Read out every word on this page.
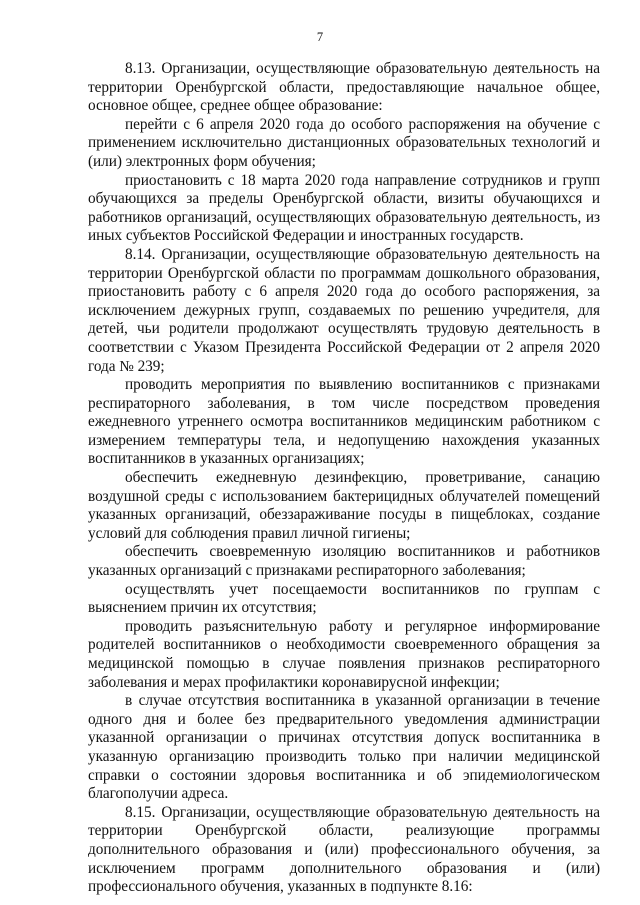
7

8.13. Организации, осуществляющие образовательную деятельность на территории Оренбургской области, предоставляющие начальное общее, основное общее, среднее общее образование:

перейти с 6 апреля 2020 года до особого распоряжения на обучение с применением исключительно дистанционных образовательных технологий и (или) электронных форм обучения;

приостановить с 18 марта 2020 года направление сотрудников и групп обучающихся за пределы Оренбургской области, визиты обучающихся и работников организаций, осуществляющих образовательную деятельность, из иных субъектов Российской Федерации и иностранных государств.

8.14. Организации, осуществляющие образовательную деятельность на территории Оренбургской области по программам дошкольного образования, приостановить работу с 6 апреля 2020 года до особого распоряжения, за исключением дежурных групп, создаваемых по решению учредителя, для детей, чьи родители продолжают осуществлять трудовую деятельность в соответствии с Указом Президента Российской Федерации от 2 апреля 2020 года № 239;

проводить мероприятия по выявлению воспитанников с признаками респираторного заболевания, в том числе посредством проведения ежедневного утреннего осмотра воспитанников медицинским работником с измерением температуры тела, и недопущению нахождения указанных воспитанников в указанных организациях;

обеспечить ежедневную дезинфекцию, проветривание, санацию воздушной среды с использованием бактерицидных облучателей помещений указанных организаций, обеззараживание посуды в пищеблоках, создание условий для соблюдения правил личной гигиены;

обеспечить своевременную изоляцию воспитанников и работников указанных организаций с признаками респираторного заболевания;

осуществлять учет посещаемости воспитанников по группам с выяснением причин их отсутствия;

проводить разъяснительную работу и регулярное информирование родителей воспитанников о необходимости своевременного обращения за медицинской помощью в случае появления признаков респираторного заболевания и мерах профилактики коронавирусной инфекции;

в случае отсутствия воспитанника в указанной организации в течение одного дня и более без предварительного уведомления администрации указанной организации о причинах отсутствия допуск воспитанника в указанную организацию производить только при наличии медицинской справки о состоянии здоровья воспитанника и об эпидемиологическом благополучии адреса.

8.15. Организации, осуществляющие образовательную деятельность на территории Оренбургской области, реализующие программы дополнительного образования и (или) профессионального обучения, за исключением программ дополнительного образования и (или) профессионального обучения, указанных в подпункте 8.16:
